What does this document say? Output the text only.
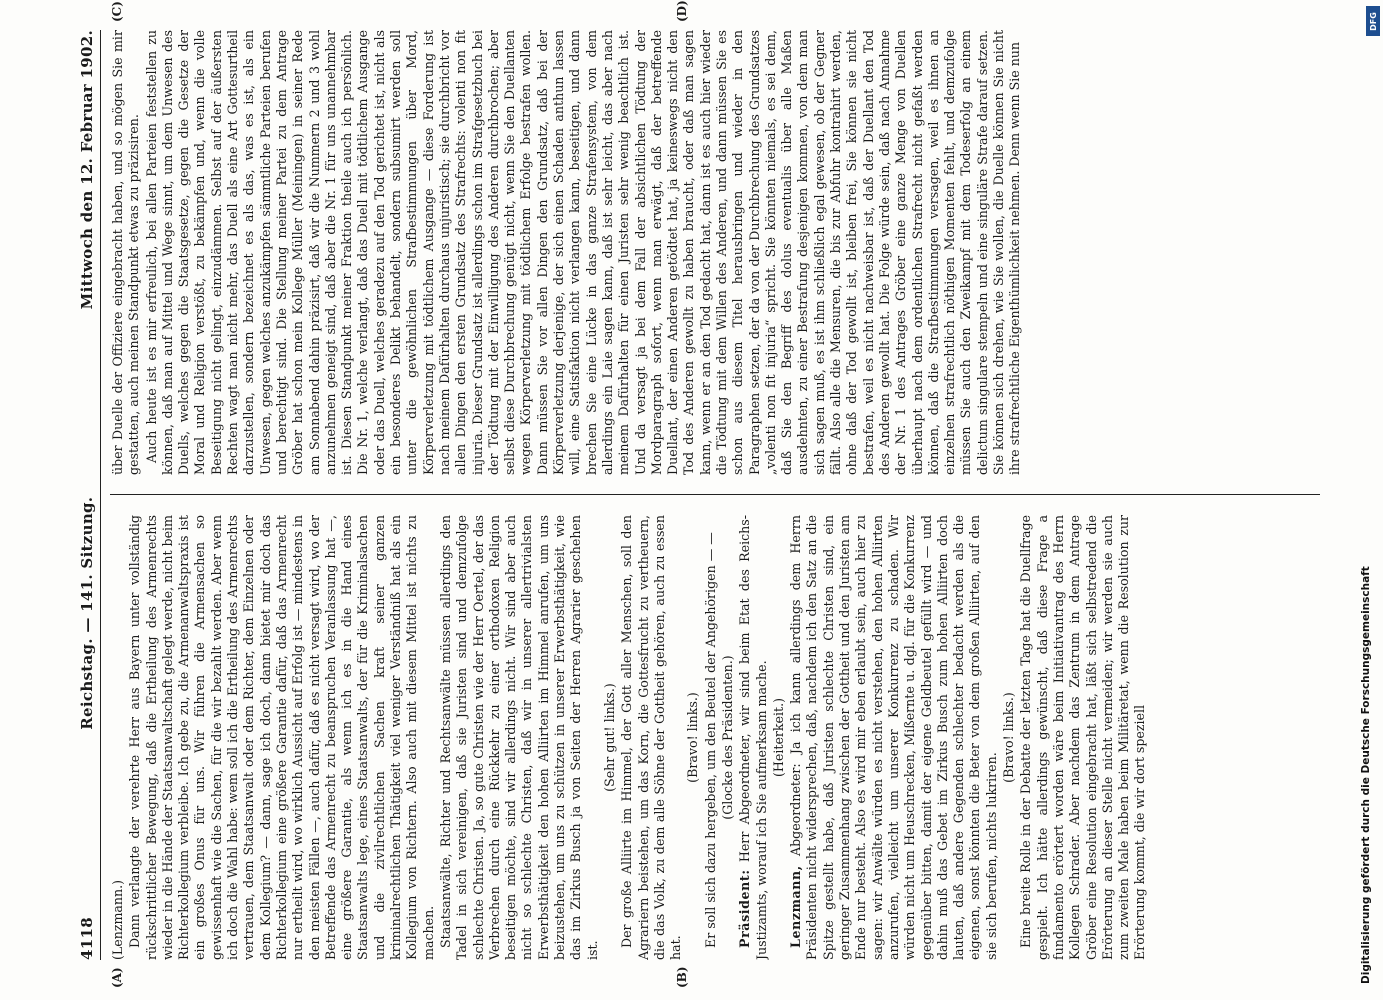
4118
Reichstag. — 141. Sitzung.
Mittwoch den 12. Februar 1902.
(A)	(B)
(C)	(D)

(Lenzmann.) Dann verlangte der verehrte Herr aus Bayern unter vollständig rückschrittlicher Bewegung, daß die Ertheilung des Armenrechts wieder in die Hände der Staatsanwaltschaft gelegt werde, nicht beim Richterkollegium verbleibe. Ich gebe zu, die Armenanwaltspraxis ist ein großes Onus für uns. Wir führen die Armensachen so gewissenhaft wie die Sachen, für die wir bezahlt werden. Aber wenn ich doch die Wahl habe: wem soll ich die Ertheilung des Armenrechts vertrauen, dem Staatsanwalt oder dem Richter, dem Einzelnen oder dem Kollegium? — dann, sage ich doch, dann bietet mir doch das Richterkollegium eine größere Garantie dafür, daß das Armenrecht nur ertheilt wird, wo wirklich Aussicht auf Erfolg ist — mindestens in den meisten Fällen —, auch dafür, daß es nicht versagt wird, wo der Betreffende das Armenrecht zu beanspruchen Veranlassung hat —, eine größere Garantie, als wenn ich es in die Hand eines Staatsanwalts lege, eines Staatsanwalts, der für die Kriminalsachen und die zivilrechtlichen Sachen kraft seiner ganzen kriminalrechtlichen Thätigkeit viel weniger Verständniß hat als ein Kollegium von Richtern. Also auch mit diesem Mittel ist nichts zu machen. Staatsanwälte, Richter und Rechtsanwälte müssen allerdings den Tadel in sich vereinigen, daß sie Juristen sind und demzufolge schlechte Christen. Ja, so gute Christen wie der Herr Oertel, der das Verbrechen durch eine Rückkehr zu einer orthodoxen Religion beseitigen möchte, sind wir allerdings nicht. Wir sind aber auch nicht so schlechte Christen, daß wir in unserer allertrivialsten Erwerbsthätigkeit den hohen Alliirten im Himmel anrufen, um uns beizustehen, um uns zu schützen in unserer Erwerbsthätigkeit, wie das im Zirkus Busch ja von Seiten der Herren Agrarier geschehen ist.

(Sehr gut! links.) Der große Alliirte im Himmel, der Gott aller Menschen, soll den Agrariern beistehen, um das Korn, die Gottesfrucht zu vertheuern, die das Volk, zu dem alle Söhne der Gottheit gehören, auch zu essen hat.

(Bravo! links.) Er soll sich dazu hergeben, um den Beutel der Angehörigen — — (Glocke des Präsidenten.)

Präsident: Herr Abgeordneter, wir sind beim Etat des Reichs-Justizamts, worauf ich Sie aufmerksam mache. (Heiterkeit.)

Lenzmann, Abgeordneter: Ja ich kann allerdings dem Herrn Präsidenten nicht widersprechen, daß, nachdem ich den Satz an die Spitze gestellt habe, daß Juristen schlechte Christen sind, ein geringer Zusammenhang zwischen der Gottheit und den Juristen am Ende nur besteht. Also es wird mir eben erlaubt sein, auch hier zu sagen: wir Anwälte würden es nicht verstehen, den hohen Alliirten anzurufen, vielleicht um unserer Konkurrenz zu schaden. Wir würden nicht um Heuschrecken, Mißernte u. dgl. für die Konkurrenz gegenüber bitten, damit der eigene Geldbeutel gefüllt wird — und dahin muß das Gebet im Zirkus Busch zum hohen Alliirten doch lauten, daß andere Gegenden schlechter bedacht werden als die eigenen, sonst könnten die Beter von dem großen Alliirten, auf den sie sich berufen, nichts lukriren.

(Bravo! links.) Eine breite Rolle in der Debatte der letzten Tage hat die Duellfrage gespielt. Ich hätte allerdings gewünscht, daß diese Frage a fundamento erörtert worden wäre beim Initiativantrag des Herrn Kollegen Schrader. Aber nachdem das Zentrum in dem Antrage Gröber eine Resolution eingebracht hat, läßt sich selbstredend die Erörterung an dieser Stelle nicht vermeiden; wir werden sie auch zum zweiten Male haben beim Militäretat, wenn die Resolution zur Erörterung kommt, die wir dort speziell

über Duelle der Offiziere eingebracht haben, und so mögen Sie mir gestatten, auch meinen Standpunkt etwas zu präzisiren. Auch heute ist es mir erfreulich, bei allen Parteien feststellen zu können, daß man auf Mittel und Wege sinnt, um dem Unwesen des Duells, welches gegen die Staatsgesetze, gegen die Gesetze der Moral und Religion verstößt, zu bekämpfen und, wenn die volle Beseitigung nicht gelingt, einzudämmen. Selbst auf der äußersten Rechten wagt man nicht mehr, das Duell als eine Art Gottesurtheil darzustellen, sondern bezeichnet es als das, was es ist, als ein Unwesen, gegen welches anzukämpfen sämmtliche Parteien berufen und berechtigt sind. Die Stellung meiner Partei zu dem Antrage Gröber hat schon mein Kollege Müller (Meiningen) in seiner Rede am Sonnabend dahin präzisirt, daß wir die Nummern 2 und 3 wohl anzunehmen geneigt sind, daß aber die Nr. 1 für uns unannehmbar ist. Diesen Standpunkt meiner Fraktion theile auch ich persönlich. Die Nr. 1, welche verlangt, daß das Duell mit tödtlichem Ausgange oder das Duell, welches geradezu auf den Tod gerichtet ist, nicht als ein besonderes Delikt behandelt, sondern subsumirt werden soll unter die gewöhnlichen Strafbestimmungen über Mord, Körperverletzung mit tödtlichem Ausgange — diese Forderung ist nach meinem Dafürhalten durchaus unjuristisch; sie durchbricht vor allen Dingen den ersten Grundsatz des Strafrechts: volenti non fit injuria. Dieser Grundsatz ist allerdings schon im Strafgesetzbuch bei der Tödtung mit der Einwilligung des Anderen durchbrochen; aber selbst diese Durchbrechung genügt nicht, wenn Sie den Duellanten wegen Körperverletzung mit tödtlichem Erfolge bestrafen wollen. Dann müssen Sie vor allen Dingen den Grundsatz, daß bei der Körperverletzung derjenige, der sich einen Schaden anthun lassen will, eine Satisfaktion nicht verlangen kann, beseitigen, und dann brechen Sie eine Lücke in das ganze Strafensystem, von dem allerdings ein Laie sagen kann, daß ist sehr leicht, das aber nach meinem Dafürhalten für einen Juristen sehr wenig beachtlich ist. Und da versagt ja bei dem Fall der absichtlichen Tödtung der Mordparagraph sofort, wenn man erwägt, daß der betreffende Duellant, der einen Anderen getödtet hat, ja keineswegs nicht den Tod des Anderen gewollt zu haben braucht, oder daß man sagen kann, wenn er an den Tod gedacht hat, dann ist es auch hier wieder die Tödtung mit dem Willen des Anderen, und dann müssen Sie es schon aus diesem Titel herausbringen und wieder in den Paragraphen setzen, der da von der Durchbrechung des Grundsatzes „volenti non fit injuria“ spricht. Sie könnten niemals, es sei denn, daß Sie den Begriff des dolus eventualis über alle Maßen ausdehnten, zu einer Bestrafung desjenigen kommen, von dem man sich sagen muß, es ist ihm schließlich egal gewesen, ob der Gegner fällt. Also alle die Mensuren, die bis zur Abfuhr kontrahirt werden, ohne daß der Tod gewollt ist, bleiben frei, Sie können sie nicht bestrafen, weil es nicht nachweisbar ist, daß der Duellant den Tod des Anderen gewollt hat. Die Folge würde sein, daß nach Annahme der Nr. 1 des Antrages Gröber eine ganze Menge von Duellen überhaupt nach dem ordentlichen Strafrecht nicht gefaßt werden können, daß die Strafbestimmungen versagen, weil es ihnen an einzelnen strafrechtlich nöthigen Momenten fehlt, und demzufolge müssen Sie auch den Zweikampf mit dem Todeserfolg an einem delictum singulare stempeln und eine singuläre Strafe darauf setzen. Sie können sich drehen, wie Sie wollen, die Duelle können Sie nicht ihre strafrechtliche Eigenthümlichkeit nehmen. Denn wenn Sie nun

DFG
Digitalisierung gefördert durch die Deutsche Forschungsgemeinschaft
